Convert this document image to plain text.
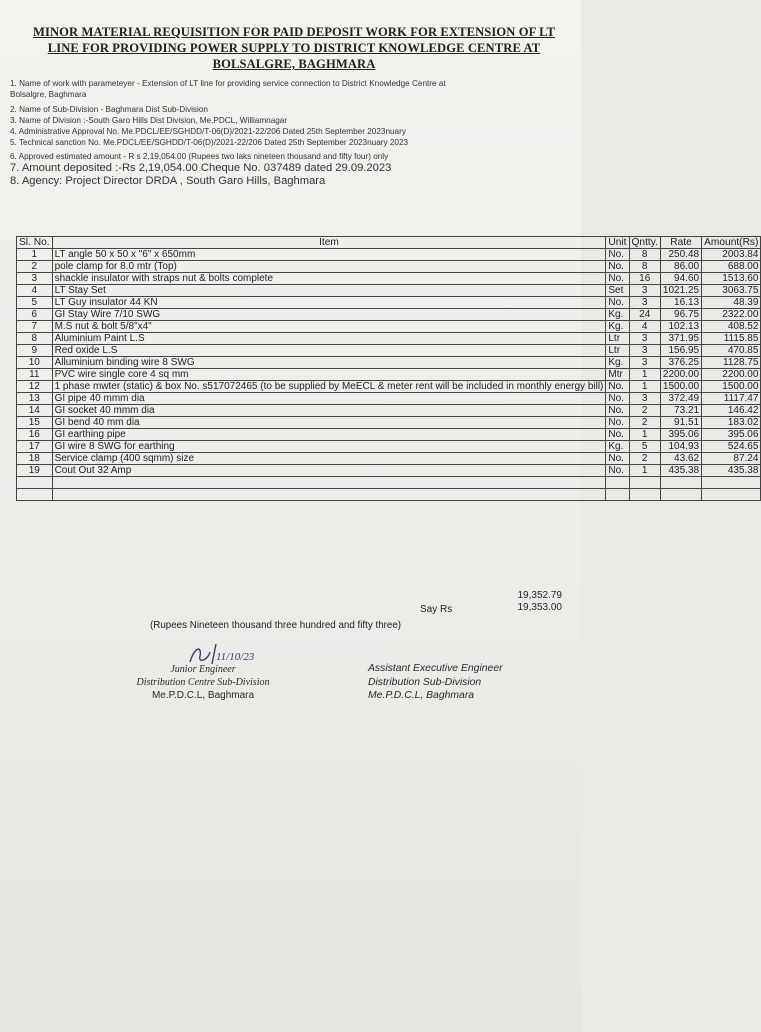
MINOR MATERIAL REQUISITION FOR PAID DEPOSIT WORK FOR EXTENSION OF LT
LINE FOR PROVIDING POWER SUPPLY TO DISTRICT KNOWLEDGE CENTRE AT
BOLSALGRE, BAGHMARA
1. Name of work with parameteyer - Extension of LT line for providing service connection to District Knowledge Centre at
Bolsalgre, Baghmara
2. Name of Sub-Division - Baghmara Dist Sub-Division
3. Name of Division :-South Garo Hills Dist Division, Me,PDCL, Williamnagar
4. Administrative Approval No. Me.PDCL/EE/SGHDD/T-06(D)/2021-22/206 Dated 25th September 2023nuary
5. Technical sanction No. Me.PDCL/EE/SGHDD/T-06(D)/2021-22/206 Dated 25th September 2023nuary 2023
6. Approved estimated amount - R s 2,19,054.00 (Rupees two laks nineteen thousand and fifty four) only
7. Amount deposited :-Rs 2,19,054.00 Cheque No. 037489 dated 29.09.2023
8. Agency: Project Director DRDA , South Garo Hills, Baghmara
Sl. No.	Item	Unit	Qntty.	Rate	Amount(Rs)
1	LT angle 50 x 50 x "6" x 650mm	No.	8	250.48	2003.84
2	pole clamp for 8.0 mtr (Top)	No.	8	86.00	688.00
3	shackle insulator with straps nut & bolts complete	No.	16	94.60	1513.60
4	LT Stay Set	Set	3	1021.25	3063.75
5	LT Guy insulator 44 KN	No.	3	16.13	48.39
6	GI Stay Wire 7/10 SWG	Kg.	24	96.75	2322.00
7	M.S nut & bolt 5/8"x4"	Kg.	4	102.13	408.52
8	Aluminium Paint L.S	Ltr	3	371.95	1115.85
9	Red oxide L.S	Ltr	3	156.95	470.85
10	Alluminium binding wire 8 SWG	Kg.	3	376.25	1128.75
11	PVC wire single core 4 sq mm	Mtr	1	2200.00	2200.00
12	1 phase mwter (static) & box No. s517072465 (to be supplied by MeECL & meter rent will be included in monthly energy bill)	No.	1	1500.00	1500.00
13	GI pipe 40 mmm dia	No.	3	372.49	1117.47
14	GI socket 40 mmm dia	No.	2	73.21	146.42
15	GI bend 40 mm dia	No.	2	91.51	183.02
16	GI earthing pipe	No.	1	395.06	395.06
17	GI wire 8 SWG for earthing	Kg.	5	104.93	524.65
18	Service clamp (400 sqmm) size	No.	2	43.62	87.24
19	Cout Out 32 Amp	No.	1	435.38	435.38

19,352.79
19,353.00
Say Rs
(Rupees Nineteen thousand three hundred and fifty three)
11/10/23
Junior Engineer
Distribution Centre Sub-Division
Me.P.D.C.L, Baghmara
Assistant Executive Engineer
Distribution Sub-Division
Me.P.D.C.L, Baghmara
